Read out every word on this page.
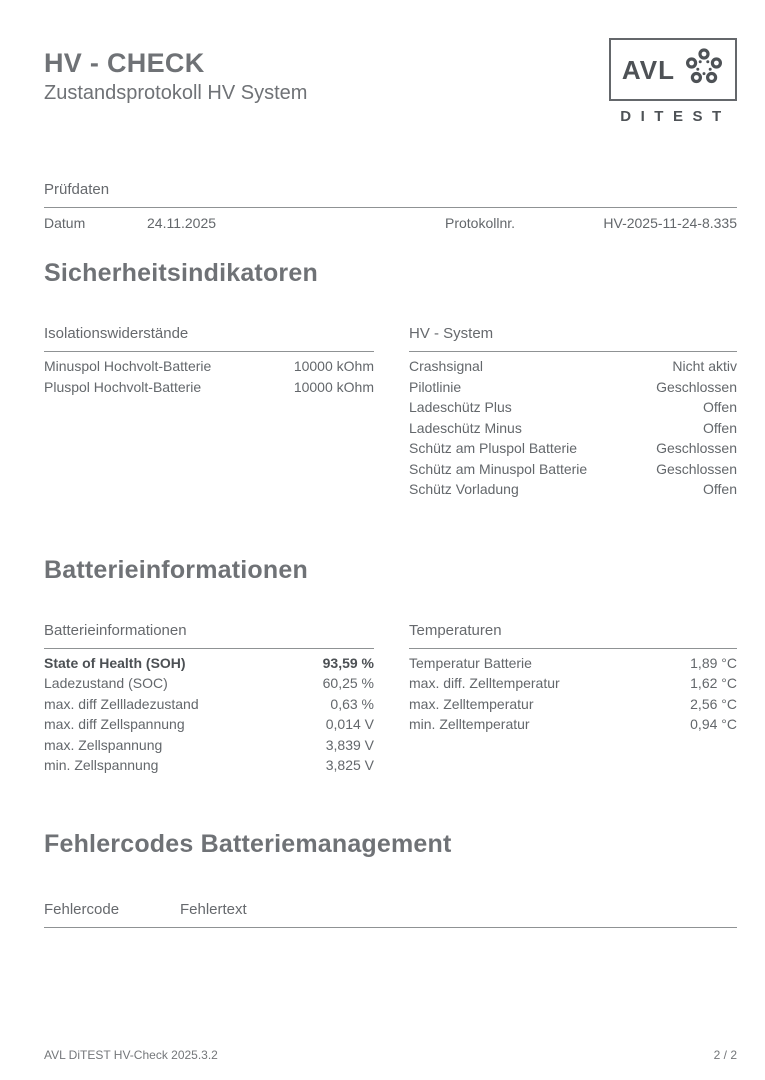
HV - CHECK
Zustandsprotokoll HV System
AVL
DITEST
Prüfdaten
Datum	24.11.2025	Protokollnr.	HV-2025-11-24-8.335
Sicherheitsindikatoren
Isolationswiderstände
Minuspol Hochvolt-Batterie	10000 kOhm
Pluspol Hochvolt-Batterie	10000 kOhm
HV - System
Crashsignal	Nicht aktiv
Pilotlinie	Geschlossen
Ladeschütz Plus	Offen
Ladeschütz Minus	Offen
Schütz am Pluspol Batterie	Geschlossen
Schütz am Minuspol Batterie	Geschlossen
Schütz Vorladung	Offen
Batterieinformationen
Batterieinformationen
State of Health (SOH)	93,59 %
Ladezustand (SOC)	60,25 %
max. diff Zellladezustand	0,63 %
max. diff Zellspannung	0,014 V
max. Zellspannung	3,839 V
min. Zellspannung	3,825 V
Temperaturen
Temperatur Batterie	1,89 °C
max. diff. Zelltemperatur	1,62 °C
max. Zelltemperatur	2,56 °C
min. Zelltemperatur	0,94 °C
Fehlercodes Batteriemanagement
Fehlercode	Fehlertext
AVL DiTEST HV-Check 2025.3.2	2 / 2
